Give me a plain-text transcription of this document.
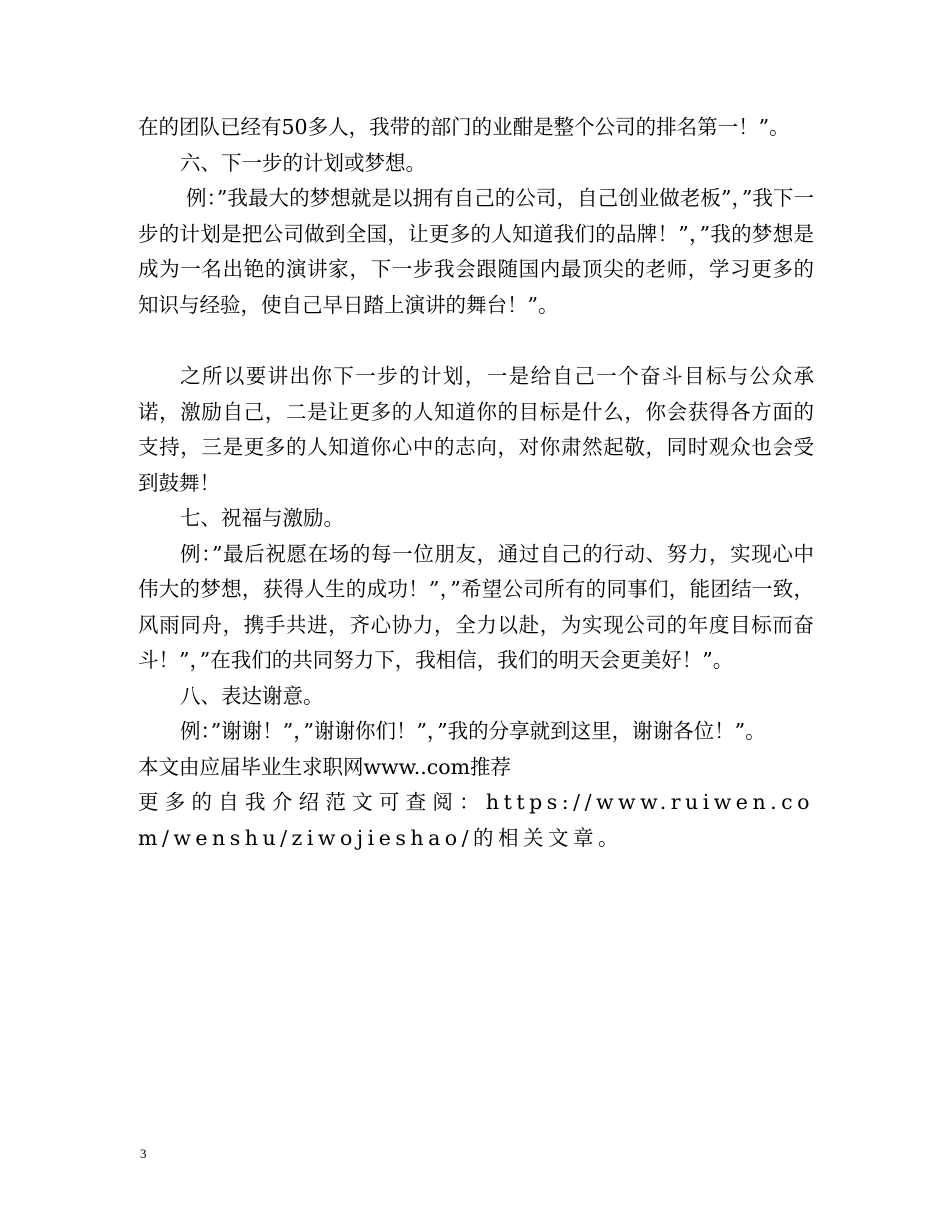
在的团队已经有50多人，我带的部门的业酣是整个公司的排名第一！”。

六、下一步的计划或梦想。

例：”我最大的梦想就是以拥有自己的公司，自己创业做老板”，”我下一步的计划是把公司做到全国，让更多的人知道我们的品牌！”，”我的梦想是成为一名出铯的演讲家，下一步我会跟随国内最顶尖的老师，学习更多的知识与经验，使自己早日踏上演讲的舞台！”。

之所以要讲出你下一步的计划，一是给自己一个奋斗目标与公众承诺，激励自己，二是让更多的人知道你的目标是什么，你会获得各方面的支持，三是更多的人知道你心中的志向，对你肃然起敬，同时观众也会受到鼓舞！

七、祝福与激励。

例：”最后祝愿在场的每一位朋友，通过自己的行动、努力，实现心中伟大的梦想，获得人生的成功！”，”希望公司所有的同事们，能团结一致，风雨同舟，携手共进，齐心协力，全力以赴，为实现公司的年度目标而奋斗！”，”在我们的共同努力下，我相信，我们的明天会更美好！”。

八、表达谢意。

例：”谢谢！”，”谢谢你们！”，”我的分享就到这里，谢谢各位！”。

本文由应届毕业生求职网www..com推荐

更多的自我介绍范文可查阅：https://www.ruiwen.com/wenshu/ziwojieshao/的相关文章。

3
